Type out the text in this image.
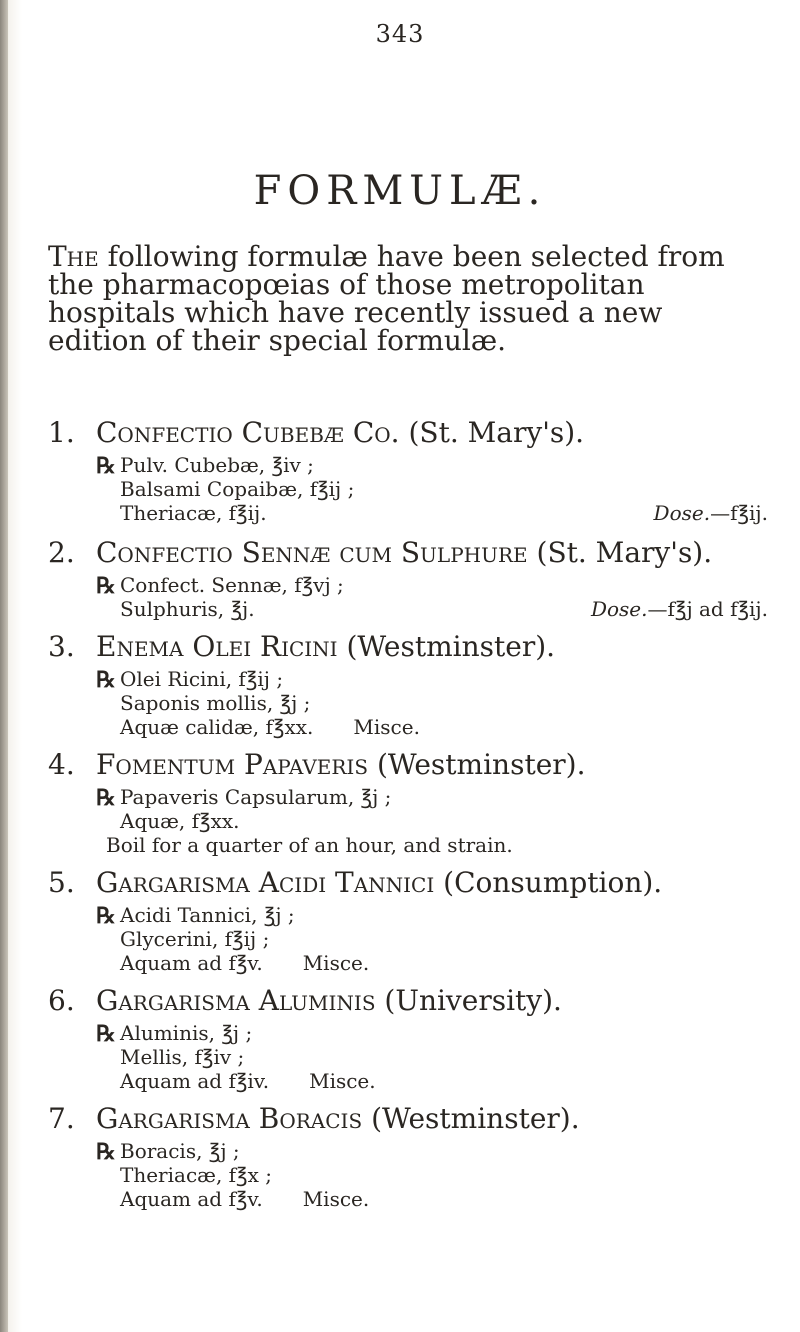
343
FORMULÆ.
The following formulæ have been selected from the pharmacopœias of those metropolitan hospitals which have recently issued a new edition of their special formulæ.
1. Confectio Cubebæ Co. (St. Mary's).
℞ Pulv. Cubebæ, ℥iv ;
Balsami Copaibæ, f℥ij ;
Theriacæ, f℥ij.	Dose.—f℥ij.
2. Confectio Sennæ cum Sulphure (St. Mary's).
℞ Confect. Sennæ, f℥vj ;
Sulphuris, ℥j.	Dose.—f℥j ad f℥ij.
3. Enema Olei Ricini (Westminster).
℞ Olei Ricini, f℥ij ;
Saponis mollis, ℥j ;
Aquæ calidæ, f℥xx. Misce.
4. Fomentum Papaveris (Westminster).
℞ Papaveris Capsularum, ℥j ;
Aquæ, f℥xx.
Boil for a quarter of an hour, and strain.
5. Gargarisma Acidi Tannici (Consumption).
℞ Acidi Tannici, ℥j ;
Glycerini, f℥ij ;
Aquam ad f℥v. Misce.
6. Gargarisma Aluminis (University).
℞ Aluminis, ℥j ;
Mellis, f℥iv ;
Aquam ad f℥iv. Misce.
7. Gargarisma Boracis (Westminster).
℞ Boracis, ℥j ;
Theriacæ, f℥x ;
Aquam ad f℥v. Misce.
